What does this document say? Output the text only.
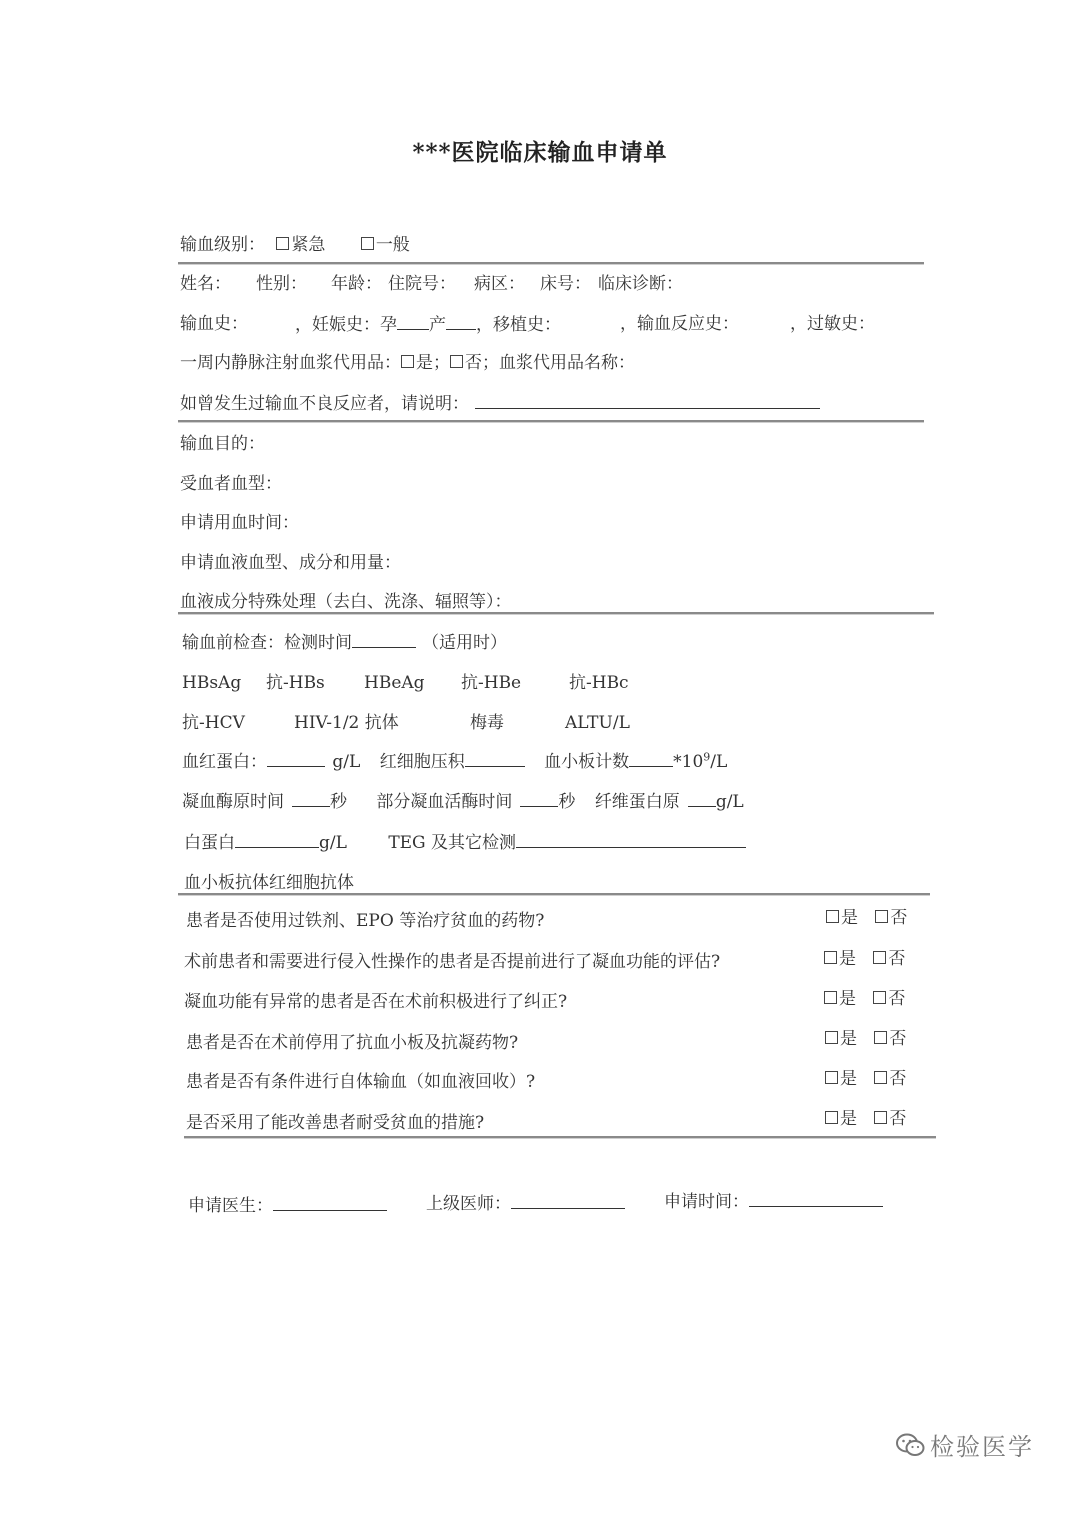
***医院临床输血申请单
输血级别： 紧急	一般
姓名： 性别： 年龄： 住院号： 病区： 床号： 临床诊断：
输血史：	，妊娠史：孕 产 ，移植史：	，输血反应史：	，过敏史：
一周内静脉注射血浆代用品： 是； 否；血浆代用品名称：
如曾发生过输血不良反应者，请说明：
输血目的：
受血者血型：
申请用血时间：
申请血液血型、成分和用量：
血液成分特殊处理（去白、洗涤、辐照等）：
输血前检查：检测时间	（适用时）
HBsAg 抗-HBs HBeAg 抗-HBe	抗-HBc
抗-HCV	HIV-1/2 抗体	梅毒	ALTU/L
血红蛋白：	g/L 红细胞压积	血小板计数	$*10^9/L$
凝血酶原时间	秒 部分凝血活酶时间	秒 纤维蛋白原 g/L
白蛋白	g/L TEG 及其它检测
血小板抗体红细胞抗体
患者是否使用过铁剂、EPO 等治疗贫血的药物?	是 否
术前患者和需要进行侵入性操作的患者是否提前进行了凝血功能的评估?	是 否
凝血功能有异常的患者是否在术前积极进行了纠正?	是 否
患者是否在术前停用了抗血小板及抗凝药物?	是 否
患者是否有条件进行自体输血（如血液回收）?	是 否
是否采用了能改善患者耐受贫血的措施?	是 否
申请医生：	上级医师：	申请时间：
检验医学
